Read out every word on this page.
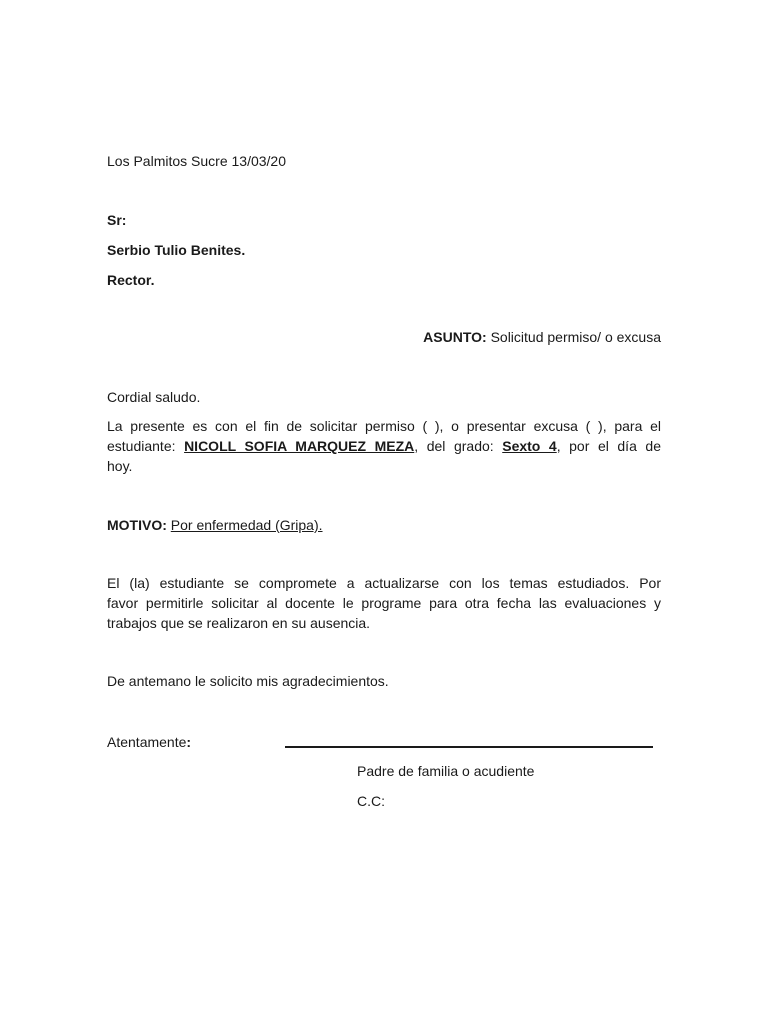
Los Palmitos Sucre 13/03/20
Sr:
Serbio Tulio Benites.
Rector.
ASUNTO: Solicitud permiso/ o excusa
Cordial saludo.
La presente es con el fin de solicitar permiso ( ), o presentar excusa ( ), para el
estudiante: NICOLL SOFIA MARQUEZ MEZA, del grado: Sexto 4, por el día de
hoy.
MOTIVO: Por enfermedad (Gripa).
El (la) estudiante se compromete a actualizarse con los temas estudiados. Por
favor permitirle solicitar al docente le programe para otra fecha las evaluaciones y
trabajos que se realizaron en su ausencia.
De antemano le solicito mis agradecimientos.
Atentamente:
Padre de familia o acudiente
C.C:
